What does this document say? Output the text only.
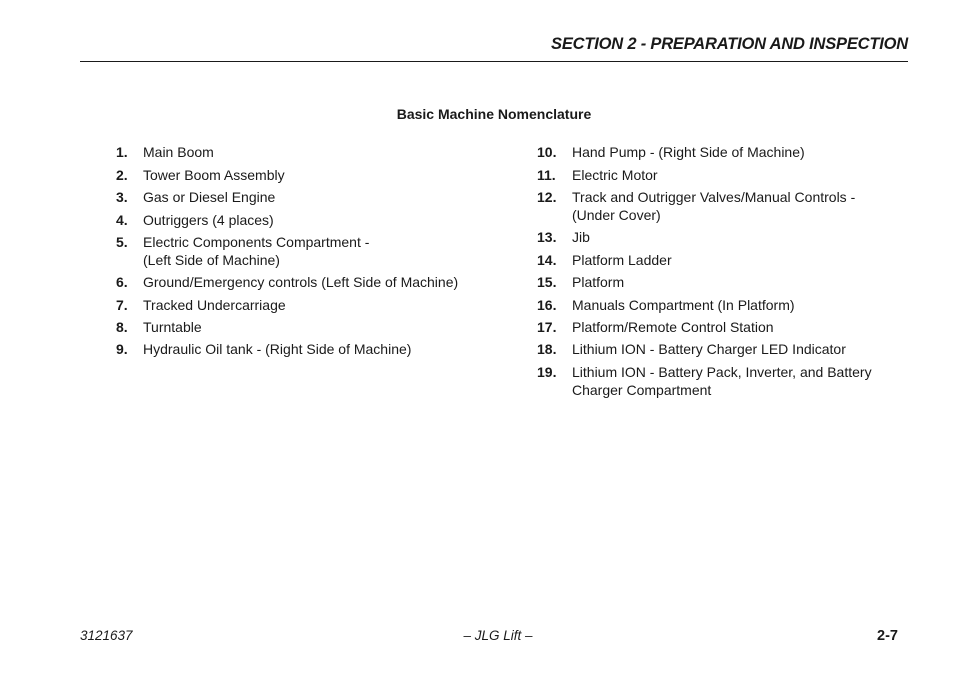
SECTION 2 - PREPARATION AND INSPECTION
Basic Machine Nomenclature
1. Main Boom
2. Tower Boom Assembly
3. Gas or Diesel Engine
4. Outriggers (4 places)
5. Electric Components Compartment -
(Left Side of Machine)
6. Ground/Emergency controls (Left Side of Machine)
7. Tracked Undercarriage
8. Turntable
9. Hydraulic Oil tank - (Right Side of Machine)
10. Hand Pump - (Right Side of Machine)
11. Electric Motor
12. Track and Outrigger Valves/Manual Controls -
(Under Cover)
13. Jib
14. Platform Ladder
15. Platform
16. Manuals Compartment (In Platform)
17. Platform/Remote Control Station
18. Lithium ION - Battery Charger LED Indicator
19. Lithium ION - Battery Pack, Inverter, and Battery
Charger Compartment
3121637	– JLG Lift –	2-7
